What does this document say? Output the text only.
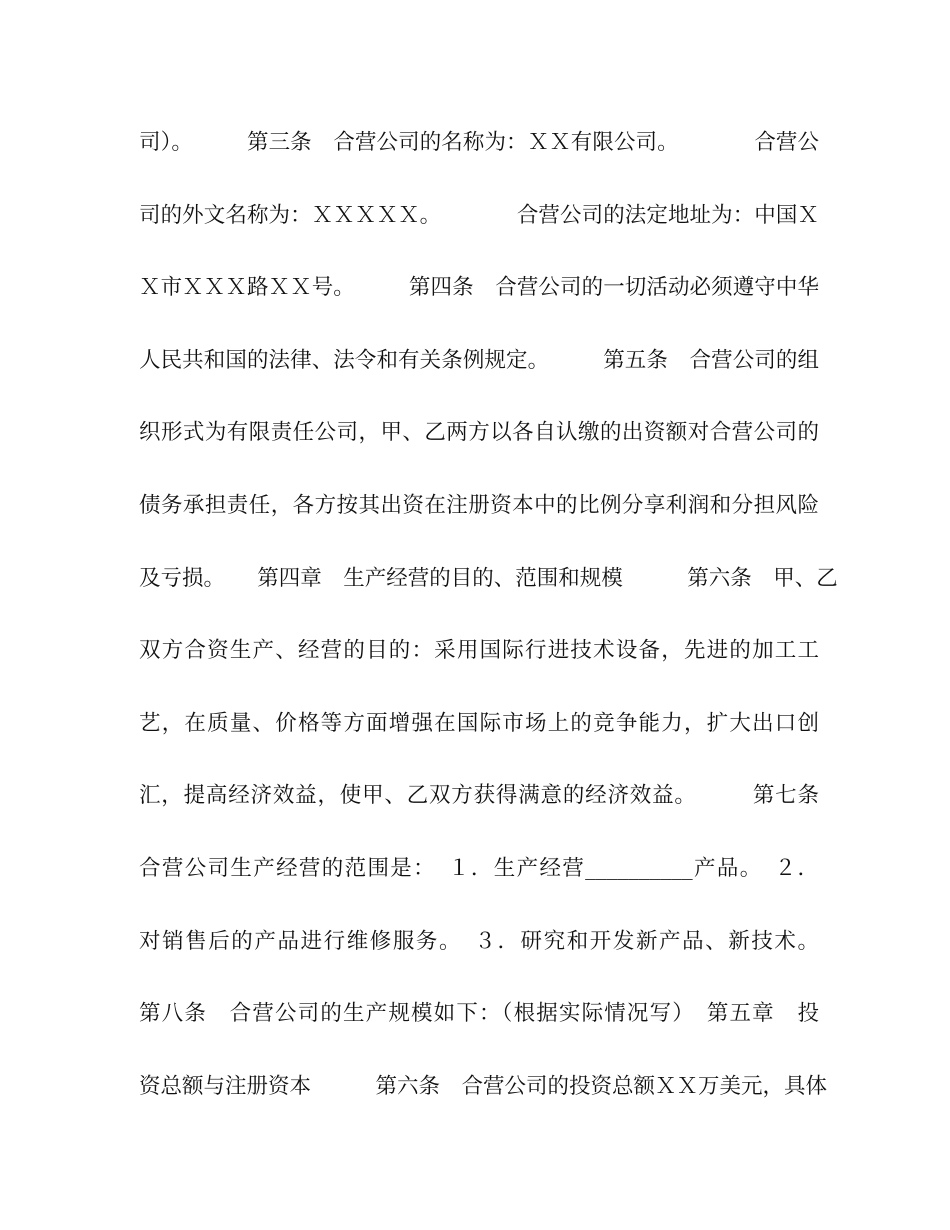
司）。　　　第三条　合营公司的名称为：ＸＸ有限公司。　　　　合营公
司的外文名称为：ＸＸＸＸＸ。　　　　合营公司的法定地址为：中国Ｘ
Ｘ市ＸＸＸ路ＸＸ号。　　　第四条　合营公司的一切活动必须遵守中华
人民共和国的法律、法令和有关条例规定。　　　第五条　合营公司的组
织形式为有限责任公司，甲、乙两方以各自认缴的出资额对合营公司的
债务承担责任，各方按其出资在注册资本中的比例分享利润和分担风险
及亏损。　　第四章　生产经营的目的、范围和规模　　　第六条　甲、乙
双方合资生产、经营的目的：采用国际行进技术设备，先进的加工工
艺，在质量、价格等方面增强在国际市场上的竞争能力，扩大出口创
汇，提高经济效益，使甲、乙双方获得满意的经济效益。　　　第七条
合营公司生产经营的范围是：　１．生产经营__________产品。　２．
对销售后的产品进行维修服务。　３．研究和开发新产品、新技术。
第八条　合营公司的生产规模如下：（根据实际情况写）　第五章　投
资总额与注册资本　　　第六条　合营公司的投资总额ＸＸ万美元，具体
